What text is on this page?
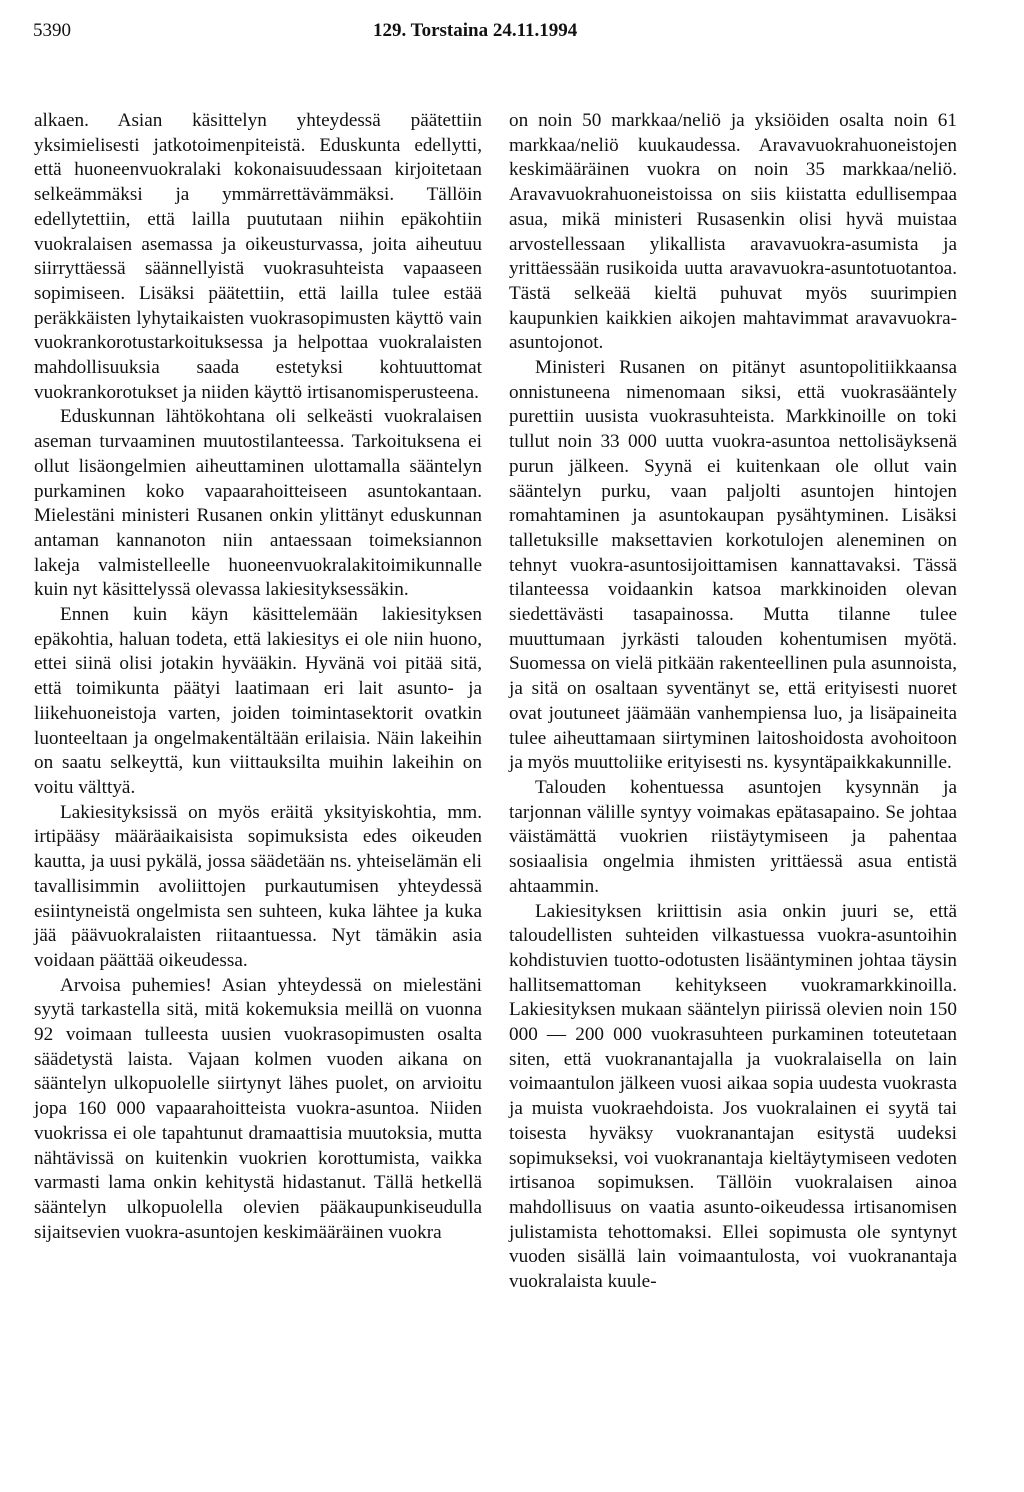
5390	129. Torstaina 24.11.1994

alkaen. Asian käsittelyn yhteydessä päätettiin yksimielisesti jatkotoimenpiteistä. Eduskunta edellytti, että huoneenvuokralaki kokonaisuudessaan kirjoitetaan selkeämmäksi ja ymmärrettävämmäksi. Tällöin edellytettiin, että lailla puututaan niihin epäkohtiin vuokralaisen asemassa ja oikeusturvassa, joita aiheutuu siirryttäessä säännellyistä vuokrasuhteista vapaaseen sopimiseen. Lisäksi päätettiin, että lailla tulee estää peräkkäisten lyhytaikaisten vuokrasopimusten käyttö vain vuokrankorotustarkoituksessa ja helpottaa vuokralaisten mahdollisuuksia saada estetyksi kohtuuttomat vuokrankorotukset ja niiden käyttö irtisanomisperusteena.

Eduskunnan lähtökohtana oli selkeästi vuokralaisen aseman turvaaminen muutostilanteessa. Tarkoituksena ei ollut lisäongelmien aiheuttaminen ulottamalla sääntelyn purkaminen koko vapaarahoitteiseen asuntokantaan. Mielestäni ministeri Rusanen onkin ylittänyt eduskunnan antaman kannanoton niin antaessaan toimeksiannon lakeja valmistelleelle huoneenvuokralakitoimikunnalle kuin nyt käsittelyssä olevassa lakiesityksessäkin.

Ennen kuin käyn käsittelemään lakiesityksen epäkohtia, haluan todeta, että lakiesitys ei ole niin huono, ettei siinä olisi jotakin hyvääkin. Hyvänä voi pitää sitä, että toimikunta päätyi laatimaan eri lait asunto- ja liikehuoneistoja varten, joiden toimintasektorit ovatkin luonteeltaan ja ongelmakentältään erilaisia. Näin lakeihin on saatu selkeyttä, kun viittauksilta muihin lakeihin on voitu välttyä.

Lakiesityksissä on myös eräitä yksityiskohtia, mm. irtipääsy määräaikaisista sopimuksista edes oikeuden kautta, ja uusi pykälä, jossa säädetään ns. yhteiselämän eli tavallisimmin avoliittojen purkautumisen yhteydessä esiintyneistä ongelmista sen suhteen, kuka lähtee ja kuka jää päävuokralaisten riitaantuessa. Nyt tämäkin asia voidaan päättää oikeudessa.

Arvoisa puhemies! Asian yhteydessä on mielestäni syytä tarkastella sitä, mitä kokemuksia meillä on vuonna 92 voimaan tulleesta uusien vuokrasopimusten osalta säädetystä laista. Vajaan kolmen vuoden aikana on sääntelyn ulkopuolelle siirtynyt lähes puolet, on arvioitu jopa 160 000 vapaarahoitteista vuokra-asuntoa. Niiden vuokrissa ei ole tapahtunut dramaattisia muutoksia, mutta nähtävissä on kuitenkin vuokrien korottumista, vaikka varmasti lama onkin kehitystä hidastanut. Tällä hetkellä sääntelyn ulkopuolella olevien pääkaupunkiseudulla sijaitsevien vuokra-asuntojen keskimääräinen vuokra

on noin 50 markkaa/neliö ja yksiöiden osalta noin 61 markkaa/neliö kuukaudessa. Aravavuokrahuoneistojen keskimääräinen vuokra on noin 35 markkaa/neliö. Aravavuokrahuoneistoissa on siis kiistatta edullisempaa asua, mikä ministeri Rusasenkin olisi hyvä muistaa arvostellessaan ylikallista aravavuokra-asumista ja yrittäessään rusikoida uutta aravavuokra-asuntotuotantoa. Tästä selkeää kieltä puhuvat myös suurimpien kaupunkien kaikkien aikojen mahtavimmat aravavuokra-asuntojonot.

Ministeri Rusanen on pitänyt asuntopolitiikkaansa onnistuneena nimenomaan siksi, että vuokrasääntely purettiin uusista vuokrasuhteista. Markkinoille on toki tullut noin 33 000 uutta vuokra-asuntoa nettolisäyksenä purun jälkeen. Syynä ei kuitenkaan ole ollut vain sääntelyn purku, vaan paljolti asuntojen hintojen romahtaminen ja asuntokaupan pysähtyminen. Lisäksi talletuksille maksettavien korkotulojen aleneminen on tehnyt vuokra-asuntosijoittamisen kannattavaksi. Tässä tilanteessa voidaankin katsoa markkinoiden olevan siedettävästi tasapainossa. Mutta tilanne tulee muuttumaan jyrkästi talouden kohentumisen myötä. Suomessa on vielä pitkään rakenteellinen pula asunnoista, ja sitä on osaltaan syventänyt se, että erityisesti nuoret ovat joutuneet jäämään vanhempiensa luo, ja lisäpaineita tulee aiheuttamaan siirtyminen laitoshoidosta avohoitoon ja myös muuttoliike erityisesti ns. kysyntäpaikkakunnille.

Talouden kohentuessa asuntojen kysynnän ja tarjonnan välille syntyy voimakas epätasapaino. Se johtaa väistämättä vuokrien riistäytymiseen ja pahentaa sosiaalisia ongelmia ihmisten yrittäessä asua entistä ahtaammin.

Lakiesityksen kriittisin asia onkin juuri se, että taloudellisten suhteiden vilkastuessa vuokra-asuntoihin kohdistuvien tuotto-odotusten lisääntyminen johtaa täysin hallitsemattoman kehitykseen vuokramarkkinoilla. Lakiesityksen mukaan sääntelyn piirissä olevien noin 150 000 — 200 000 vuokrasuhteen purkaminen toteutetaan siten, että vuokranantajalla ja vuokralaisella on lain voimaantulon jälkeen vuosi aikaa sopia uudesta vuokrasta ja muista vuokraehdoista. Jos vuokralainen ei syytä tai toisesta hyväksy vuokranantajan esitystä uudeksi sopimukseksi, voi vuokranantaja kieltäytymiseen vedoten irtisanoa sopimuksen. Tällöin vuokralaisen ainoa mahdollisuus on vaatia asunto-oikeudessa irtisanomisen julistamista tehottomaksi. Ellei sopimusta ole syntynyt vuoden sisällä lain voimaantulosta, voi vuokranantaja vuokralaista kuule-
